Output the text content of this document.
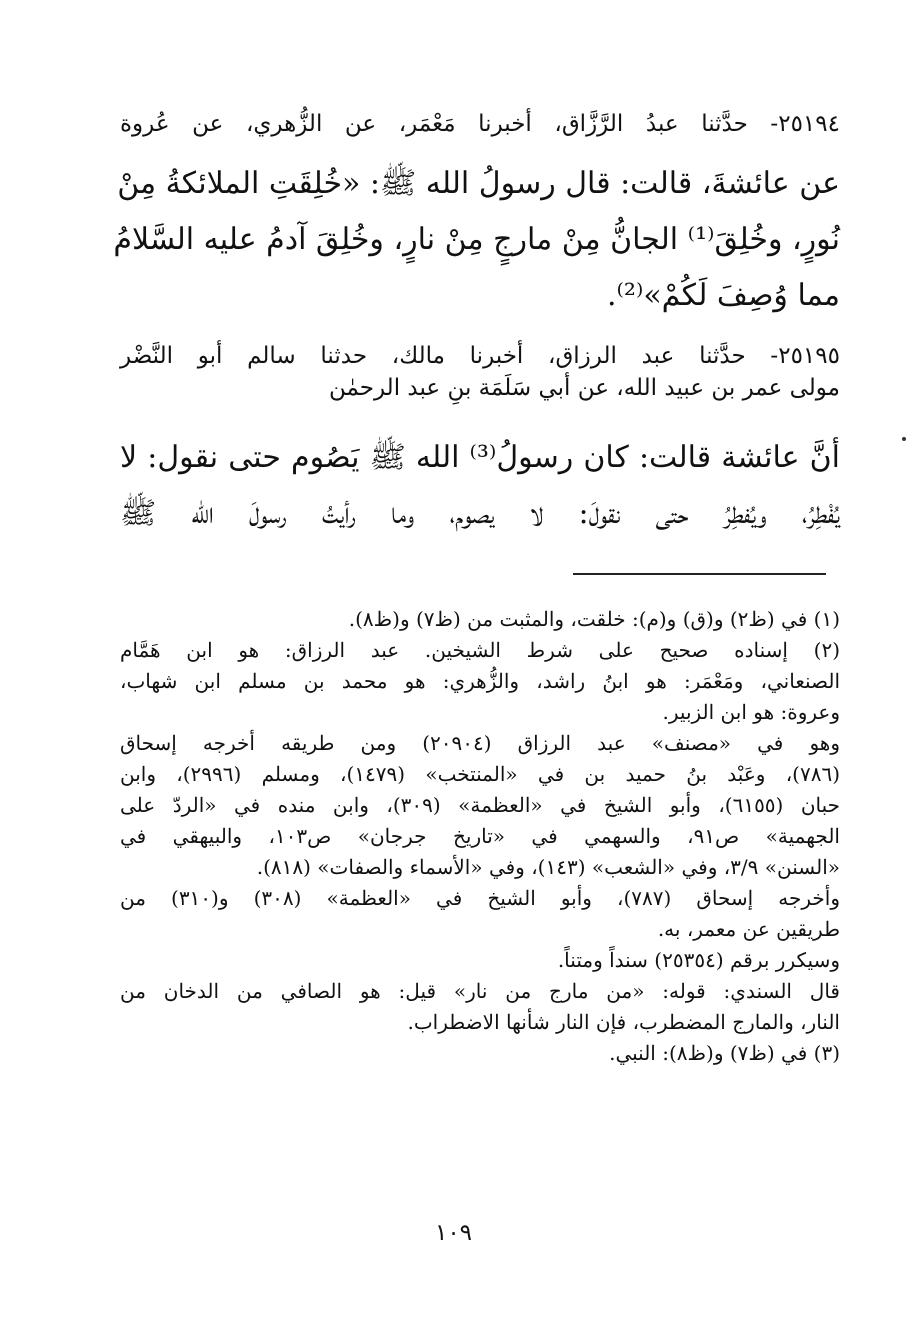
٢٥١٩٤- حدَّثنا عبدُ الرَّزَّاق، أخبرنا مَعْمَر، عن الزُّهري، عن عُروة
عن عائشةَ، قالت: قال رسولُ الله ﷺ: «خُلِقَتِ الملائكةُ مِنْ
نُورٍ، وخُلِقَ⁽¹⁾ الجانُّ مِنْ مارجٍ مِنْ نارٍ، وخُلِقَ آدمُ عليه السَّلامُ
مما وُصِفَ لَكُمْ»⁽²⁾.
٢٥١٩٥- حدَّثنا عبد الرزاق، أخبرنا مالك، حدثنا سالم أبو النَّضْر
مولى عمر بن عبيد الله، عن أبي سَلَمَة بنِ عبد الرحمٰن
أنَّ عائشة قالت: كان رسولُ⁽³⁾ الله ﷺ يَصُوم حتى نقول: لا
يُفْطِرُ، ويُفطِرُ حتى نقولَ: لا يصوم، وما رأيتُ رسولَ الله ﷺ
(١) في (ظ٢) و(ق) و(م): خلقت، والمثبت من (ظ٧) و(ظ٨).
(٢) إسناده صحيح على شرط الشيخين. عبد الرزاق: هو ابن هَمَّام
الصنعاني، ومَعْمَر: هو ابنُ راشد، والزُّهري: هو محمد بن مسلم ابن شهاب،
وعروة: هو ابن الزبير.
وهو في «مصنف» عبد الرزاق (٢٠٩٠٤) ومن طريقه أخرجه إسحاق
(٧٨٦)، وعَبْد بنُ حميد بن في «المنتخب» (١٤٧٩)، ومسلم (٢٩٩٦)، وابن
حبان (٦١٥٥)، وأبو الشيخ في «العظمة» (٣٠٩)، وابن منده في «الردّ على
الجهمية» ص٩١، والسهمي في «تاريخ جرجان» ص١٠٣، والبيهقي في
«السنن» ٣/٩، وفي «الشعب» (١٤٣)، وفي «الأسماء والصفات» (٨١٨).
وأخرجه إسحاق (٧٨٧)، وأبو الشيخ في «العظمة» (٣٠٨) و(٣١٠) من
طريقين عن معمر، به.
وسيكرر برقم (٢٥٣٥٤) سنداً ومتناً.
قال السندي: قوله: «من مارج من نار» قيل: هو الصافي من الدخان من
النار، والمارج المضطرب، فإن النار شأنها الاضطراب.
(٣) في (ظ٧) و(ظ٨): النبي.
١٠٩
